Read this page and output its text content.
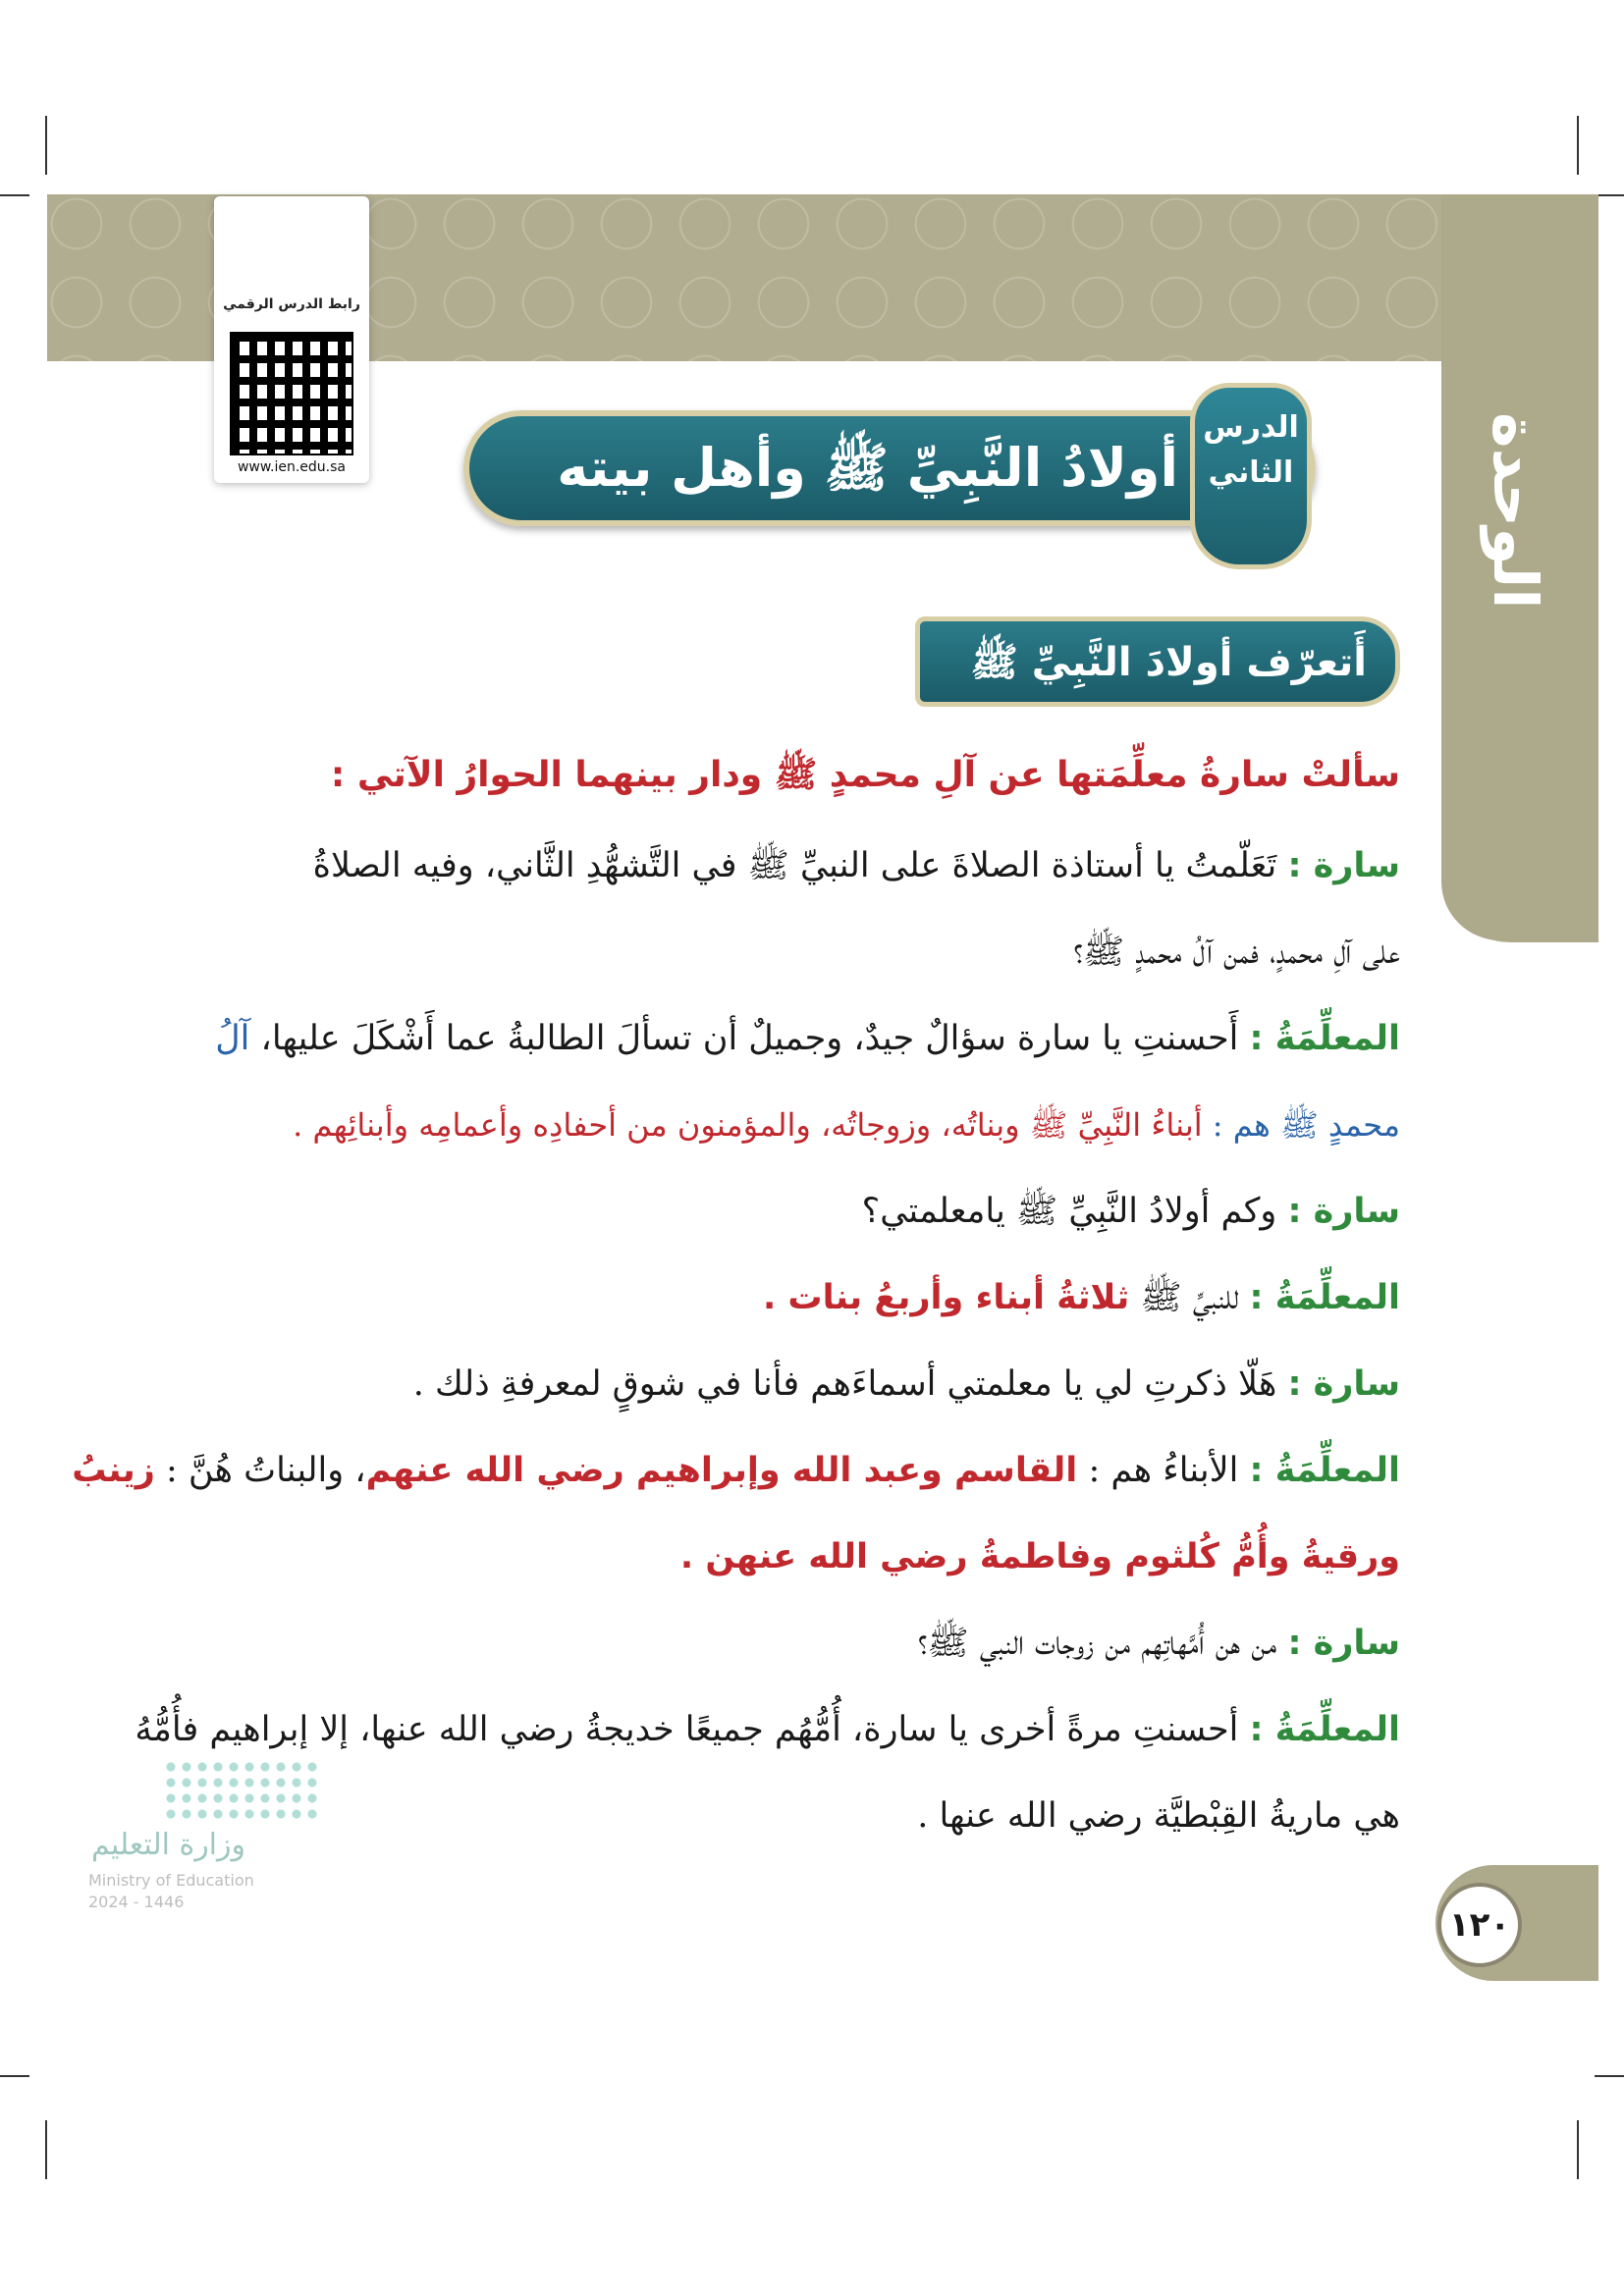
الوحدة الأولى
رابط الدرس الرقمي
www.ien.edu.sa	أولادُ النَّبِيِّ ﷺ وأهل بيته
الدرس
الثاني
أَتعرّف أولادَ النَّبِيِّ ﷺ
سألتْ سارةُ معلِّمَتها عن آلِ محمدٍ ﷺ ودار بينهما الحوارُ الآتي :
سارة : تَعَلّمتُ يا أستاذة الصلاةَ على النبيِّ ﷺ في التَّشهُّدِ الثَّاني، وفيه الصلاةُ
على آلِ محمدٍ، فمن آلُ محمدٍ ﷺ؟
المعلِّمَةُ : أَحسنتِ يا سارة سؤالٌ جيدٌ، وجميلٌ أن تسألَ الطالبةُ عما أَشْكَلَ عليها، آلُ
محمدٍ ﷺ هم : أبناءُ النَّبِيِّ ﷺ وبناتُه، وزوجاتُه، والمؤمنون من أحفادِه وأعمامِه وأبنائِهم .
سارة : وكم أولادُ النَّبِيِّ ﷺ يامعلمتي؟
المعلِّمَةُ : للنبيِّ ﷺ ثلاثةُ أبناء وأربعُ بنات .
سارة : هَلّا ذكرتِ لي يا معلمتي أسماءَهم فأنا في شوقٍ لمعرفةِ ذلك .
المعلِّمَةُ : الأبناءُ هم : القاسم وعبد الله وإبراهيم رضي الله عنهم، والبناتُ هُنَّ : زينبُ
ورقيةُ وأُمُّ كُلثوم وفاطمةُ رضي الله عنهن .
سارة : من هن أُمَّهاتِهم من زوجات النبي ﷺ؟
المعلِّمَةُ : أحسنتِ مرةً أخرى يا سارة، أُمُّهُم جميعًا خديجةُ رضي الله عنها، إلا إبراهيم فأُمُّهُ
هي ماريةُ القِبْطيَّة رضي الله عنها .
١٢٠
وزارة التعليم
Ministry of Education
2024 - 1446
